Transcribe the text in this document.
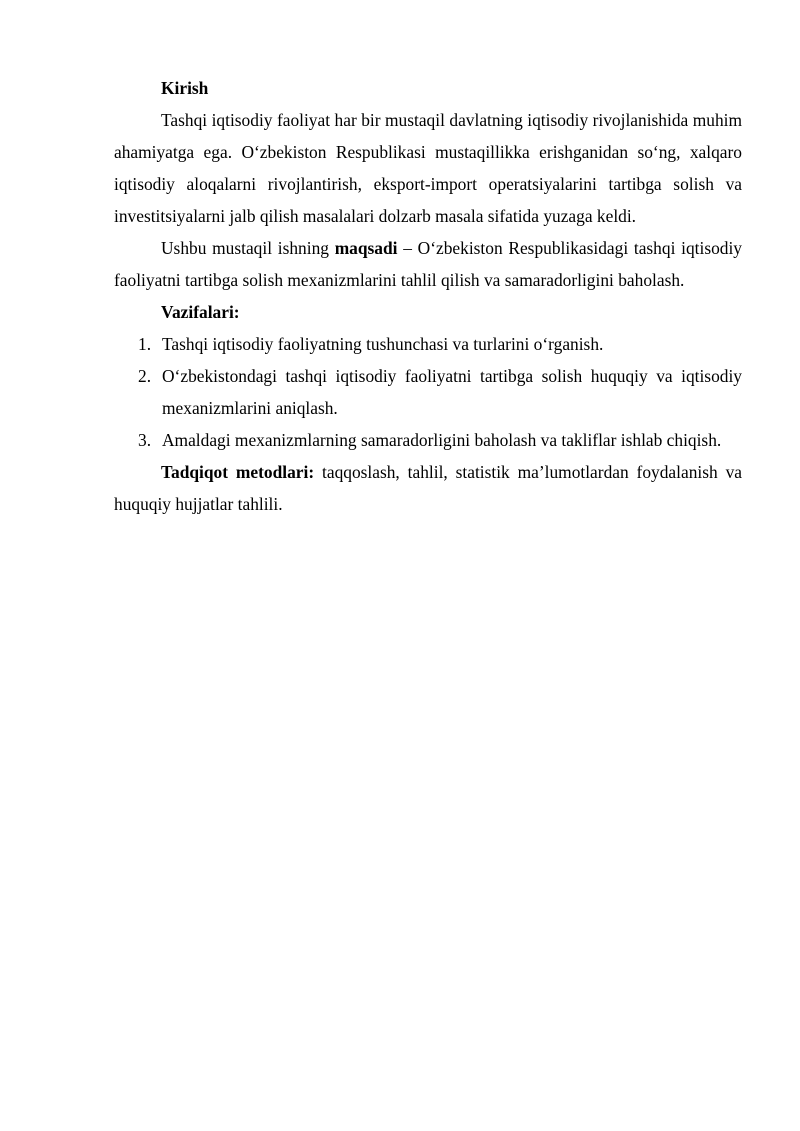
Kirish

Tashqi iqtisodiy faoliyat har bir mustaqil davlatning iqtisodiy rivojlanishida muhim ahamiyatga ega. O‘zbekiston Respublikasi mustaqillikka erishganidan so‘ng, xalqaro iqtisodiy aloqalarni rivojlantirish, eksport-import operatsiyalarini tartibga solish va investitsiyalarni jalb qilish masalalari dolzarb masala sifatida yuzaga keldi.

Ushbu mustaqil ishning maqsadi – O‘zbekiston Respublikasidagi tashqi iqtisodiy faoliyatni tartibga solish mexanizmlarini tahlil qilish va samaradorligini baholash.

Vazifalari:

1. Tashqi iqtisodiy faoliyatning tushunchasi va turlarini o‘rganish.
2. O‘zbekistondagi tashqi iqtisodiy faoliyatni tartibga solish huquqiy va iqtisodiy mexanizmlarini aniqlash.
3. Amaldagi mexanizmlarning samaradorligini baholash va takliflar ishlab chiqish.

Tadqiqot metodlari: taqqoslash, tahlil, statistik ma’lumotlardan foydalanish va huquqiy hujjatlar tahlili.
